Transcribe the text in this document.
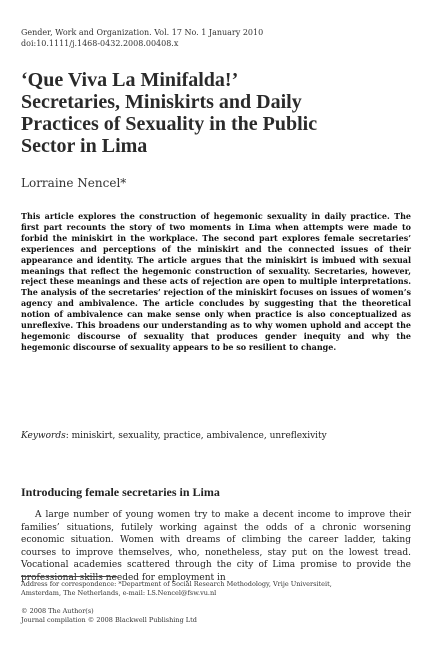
Gender, Work and Organization. Vol. 17 No. 1 January 2010
doi:10.1111/j.1468-0432.2008.00408.x
‘Que Viva La Minifalda!’
Secretaries, Miniskirts and Daily
Practices of Sexuality in the Public
Sector in Lima
Lorraine Nencel*

This article explores the construction of hegemonic sexuality in daily practice. The first part recounts the story of two moments in Lima when attempts were made to forbid the miniskirt in the workplace. The second part explores female secretaries’ experiences and perceptions of the miniskirt and the connected issues of their appearance and identity. The article argues that the miniskirt is imbued with sexual meanings that reflect the hegemonic construction of sexuality. Secretaries, however, reject these meanings and these acts of rejection are open to multiple interpretations. The analysis of the secretaries’ rejection of the miniskirt focuses on issues of women’s agency and ambivalence. The article concludes by suggesting that the theoretical notion of ambivalence can make sense only when practice is also conceptualized as unreflexive. This broadens our understanding as to why women uphold and accept the hegemonic discourse of sexuality that produces gender inequity and why the hegemonic discourse of sexuality appears to be so resilient to change.

Keywords: miniskirt, sexuality, practice, ambivalence, unreflexivity
Introducing female secretaries in Lima

A large number of young women try to make a decent income to improve their families’ situations, futilely working against the odds of a chronic worsening economic situation. Women with dreams of climbing the career ladder, taking courses to improve themselves, who, nonetheless, stay put on the lowest tread. Vocational academies scattered through the city of Lima promise to provide the professional skills needed for employment in

Address for correspondence: *Department of Social Research Methodology, Vrije Universiteit,
Amsterdam, The Netherlands, e-mail: LS.Nencel@fsw.vu.nl
© 2008 The Author(s)
Journal compilation © 2008 Blackwell Publishing Ltd
